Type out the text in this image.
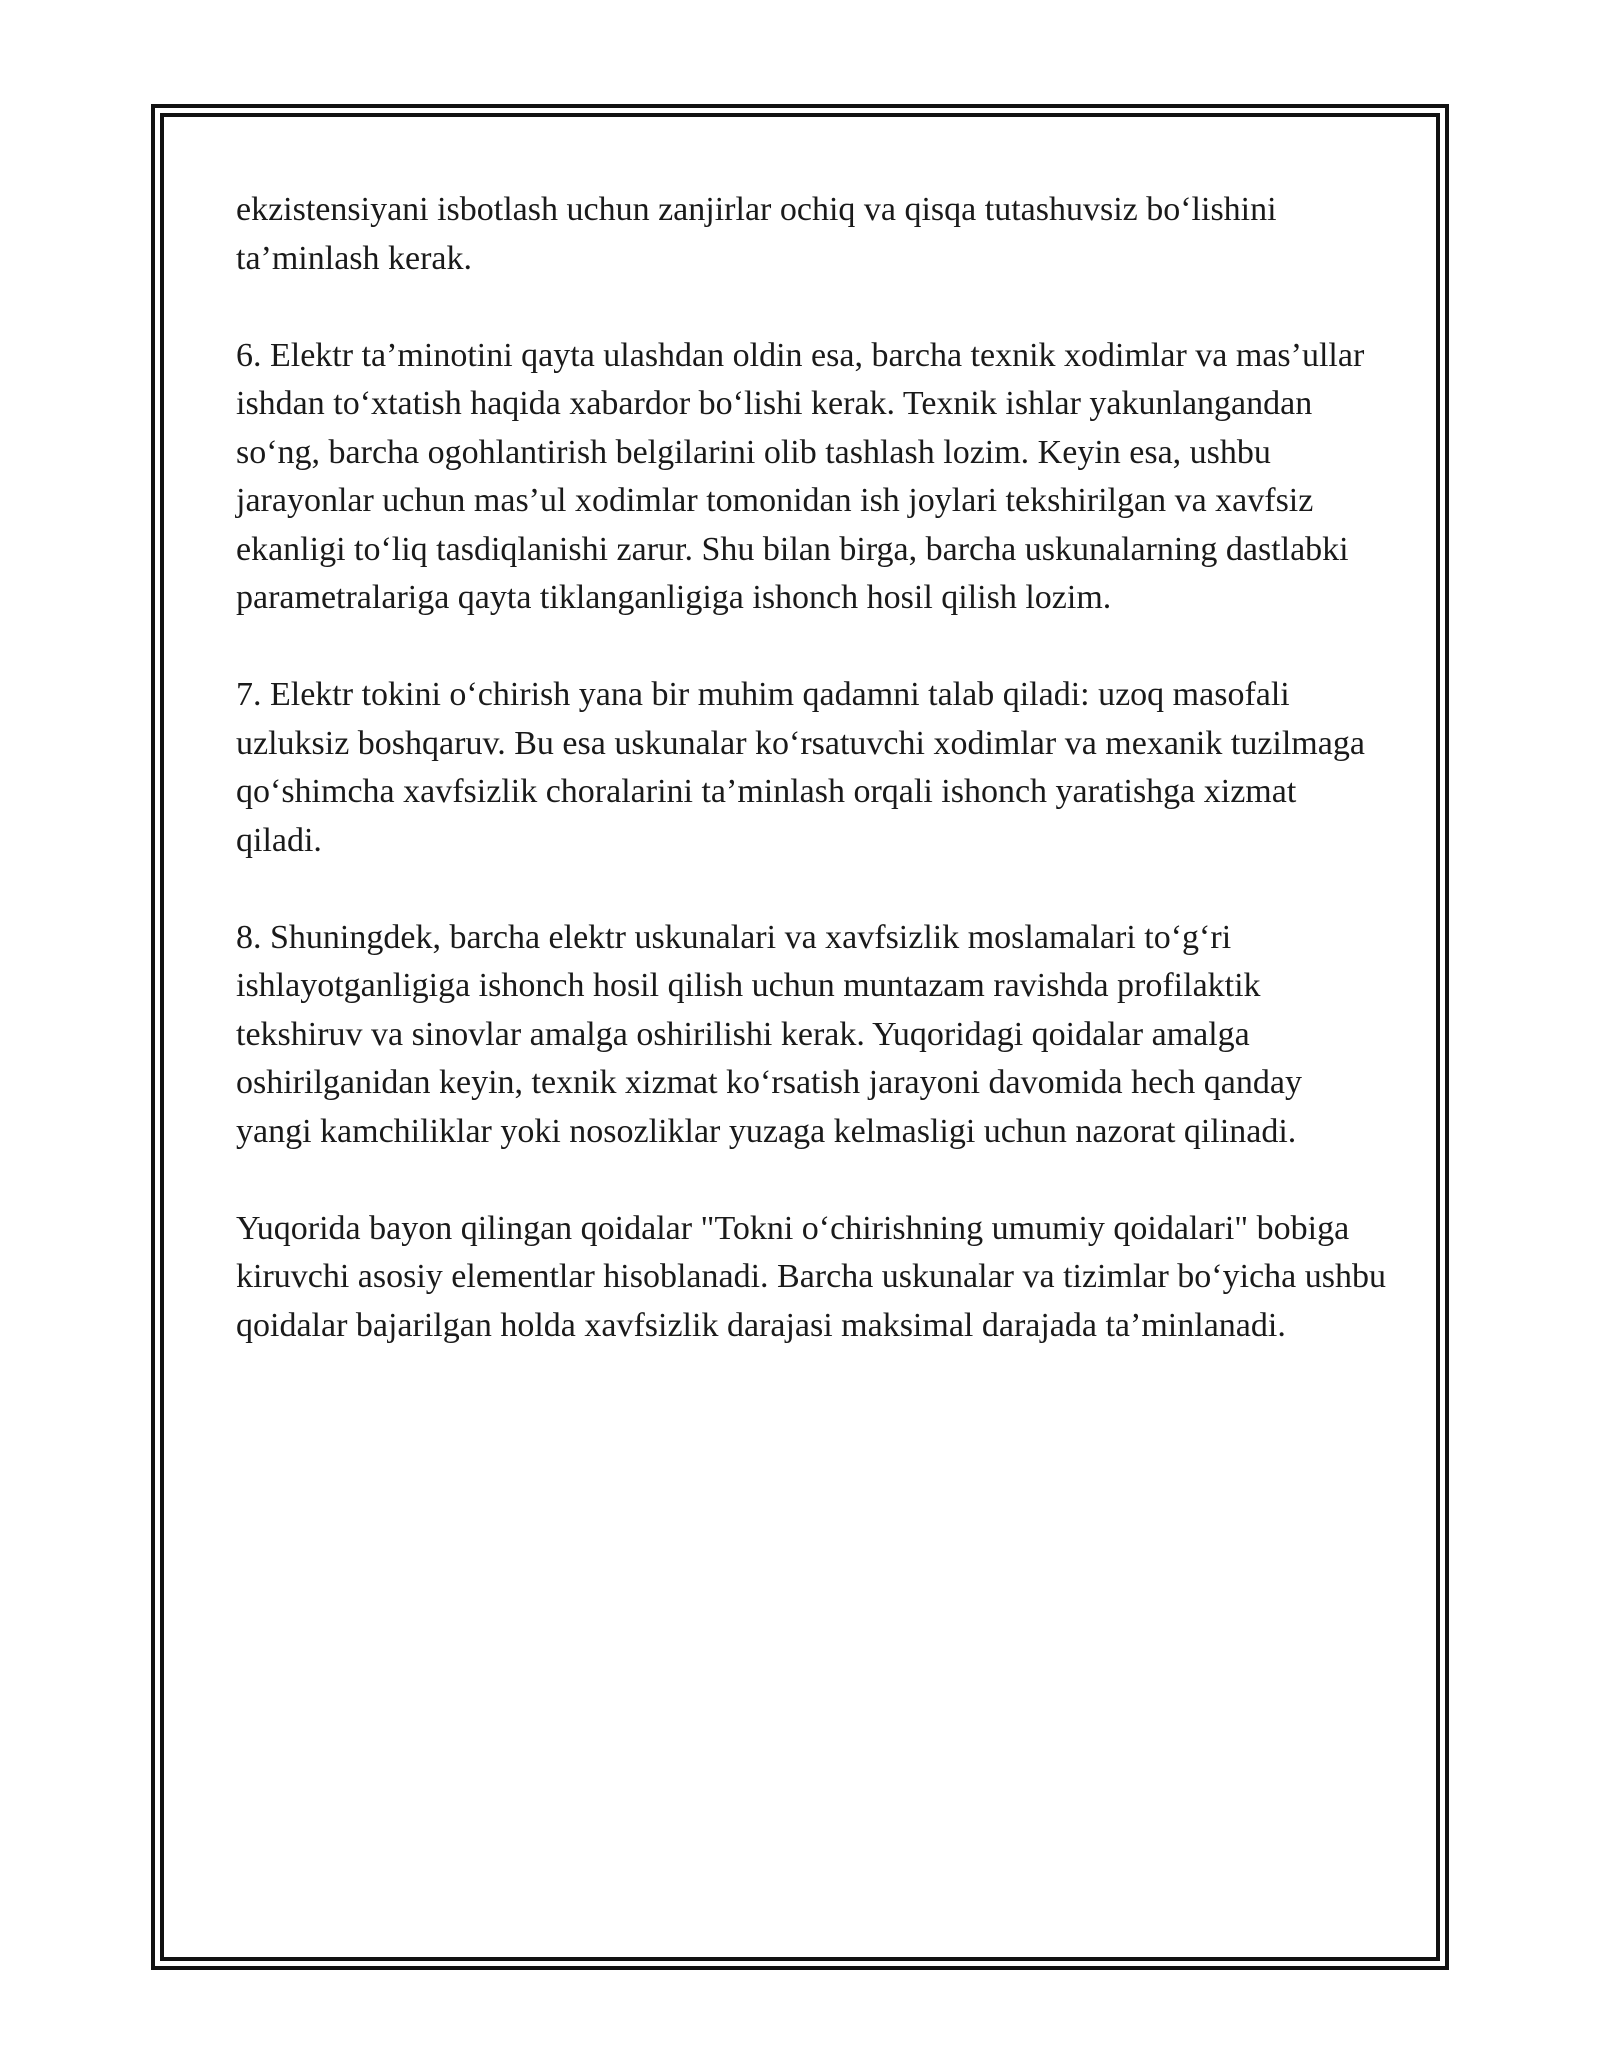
ekzistensiyani isbotlash uchun zanjirlar ochiq va qisqa tutashuvsiz bo‘lishini ta’minlash kerak.

6. Elektr ta’minotini qayta ulashdan oldin esa, barcha texnik xodimlar va mas’ullar ishdan to‘xtatish haqida xabardor bo‘lishi kerak. Texnik ishlar yakunlangandan so‘ng, barcha ogohlantirish belgilarini olib tashlash lozim. Keyin esa, ushbu jarayonlar uchun mas’ul xodimlar tomonidan ish joylari tekshirilgan va xavfsiz ekanligi to‘liq tasdiqlanishi zarur. Shu bilan birga, barcha uskunalarning dastlabki parametralariga qayta tiklanganligiga ishonch hosil qilish lozim.

7. Elektr tokini o‘chirish yana bir muhim qadamni talab qiladi: uzoq masofali uzluksiz boshqaruv. Bu esa uskunalar ko‘rsatuvchi xodimlar va mexanik tuzilmaga qo‘shimcha xavfsizlik choralarini ta’minlash orqali ishonch yaratishga xizmat qiladi.

8. Shuningdek, barcha elektr uskunalari va xavfsizlik moslamalari to‘g‘ri ishlayotganligiga ishonch hosil qilish uchun muntazam ravishda profilaktik tekshiruv va sinovlar amalga oshirilishi kerak. Yuqoridagi qoidalar amalga oshirilganidan keyin, texnik xizmat ko‘rsatish jarayoni davomida hech qanday yangi kamchiliklar yoki nosozliklar yuzaga kelmasligi uchun nazorat qilinadi.

Yuqorida bayon qilingan qoidalar "Tokni o‘chirishning umumiy qoidalari" bobiga kiruvchi asosiy elementlar hisoblanadi. Barcha uskunalar va tizimlar bo‘yicha ushbu qoidalar bajarilgan holda xavfsizlik darajasi maksimal darajada ta’minlanadi.
